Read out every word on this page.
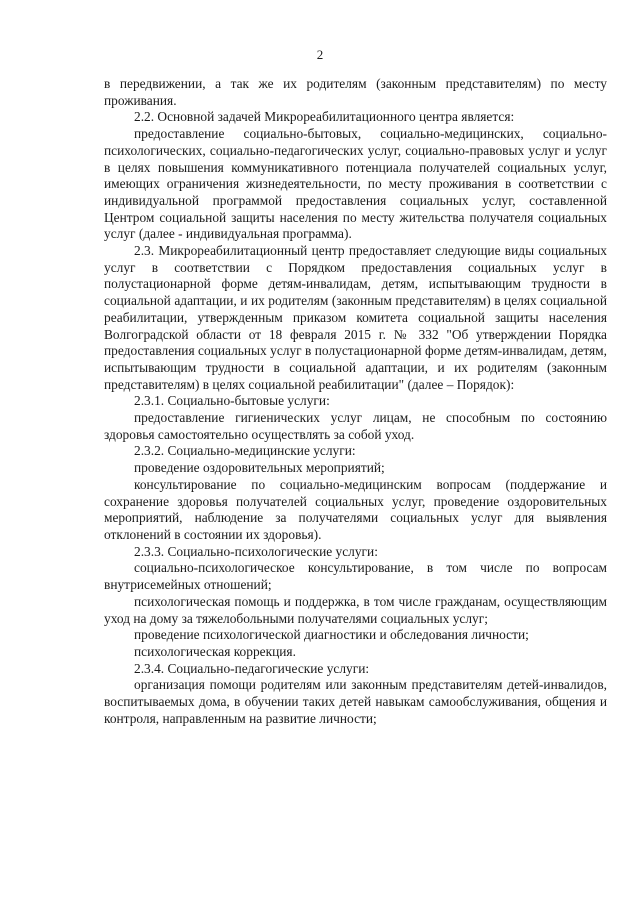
2

в передвижении, а так же их родителям (законным представителям) по месту проживания.

2.2. Основной задачей Микрореабилитационного центра является:

предоставление социально-бытовых, социально-медицинских, социально-психологических, социально-педагогических услуг, социально-правовых услуг и услуг в целях повышения коммуникативного потенциала получателей социальных услуг, имеющих ограничения жизнедеятельности, по месту проживания в соответствии с индивидуальной программой предоставления социальных услуг, составленной Центром социальной защиты населения по месту жительства получателя социальных услуг (далее - индивидуальная программа).

2.3. Микрореабилитационный центр предоставляет следующие виды социальных услуг в соответствии с Порядком предоставления социальных услуг в полустационарной форме детям-инвалидам, детям, испытывающим трудности в социальной адаптации, и их родителям (законным представителям) в целях социальной реабилитации, утвержденным приказом комитета социальной защиты населения Волгоградской области от 18 февраля 2015 г. № 332 "Об утверждении Порядка предоставления социальных услуг в полустационарной форме детям-инвалидам, детям, испытывающим трудности в социальной адаптации, и их родителям (законным представителям) в целях социальной реабилитации" (далее – Порядок):

2.3.1. Социально-бытовые услуги:

предоставление гигиенических услуг лицам, не способным по состоянию здоровья самостоятельно осуществлять за собой уход.

2.3.2. Социально-медицинские услуги:

проведение оздоровительных мероприятий;

консультирование по социально-медицинским вопросам (поддержание и сохранение здоровья получателей социальных услуг, проведение оздоровительных мероприятий, наблюдение за получателями социальных услуг для выявления отклонений в состоянии их здоровья).

2.3.3. Социально-психологические услуги:

социально-психологическое консультирование, в том числе по вопросам внутрисемейных отношений;

психологическая помощь и поддержка, в том числе гражданам, осуществляющим уход на дому за тяжелобольными получателями социальных услуг;

проведение психологической диагностики и обследования личности;

психологическая коррекция.

2.3.4. Социально-педагогические услуги:

организация помощи родителям или законным представителям детей-инвалидов, воспитываемых дома, в обучении таких детей навыкам самообслуживания, общения и контроля, направленным на развитие личности;
